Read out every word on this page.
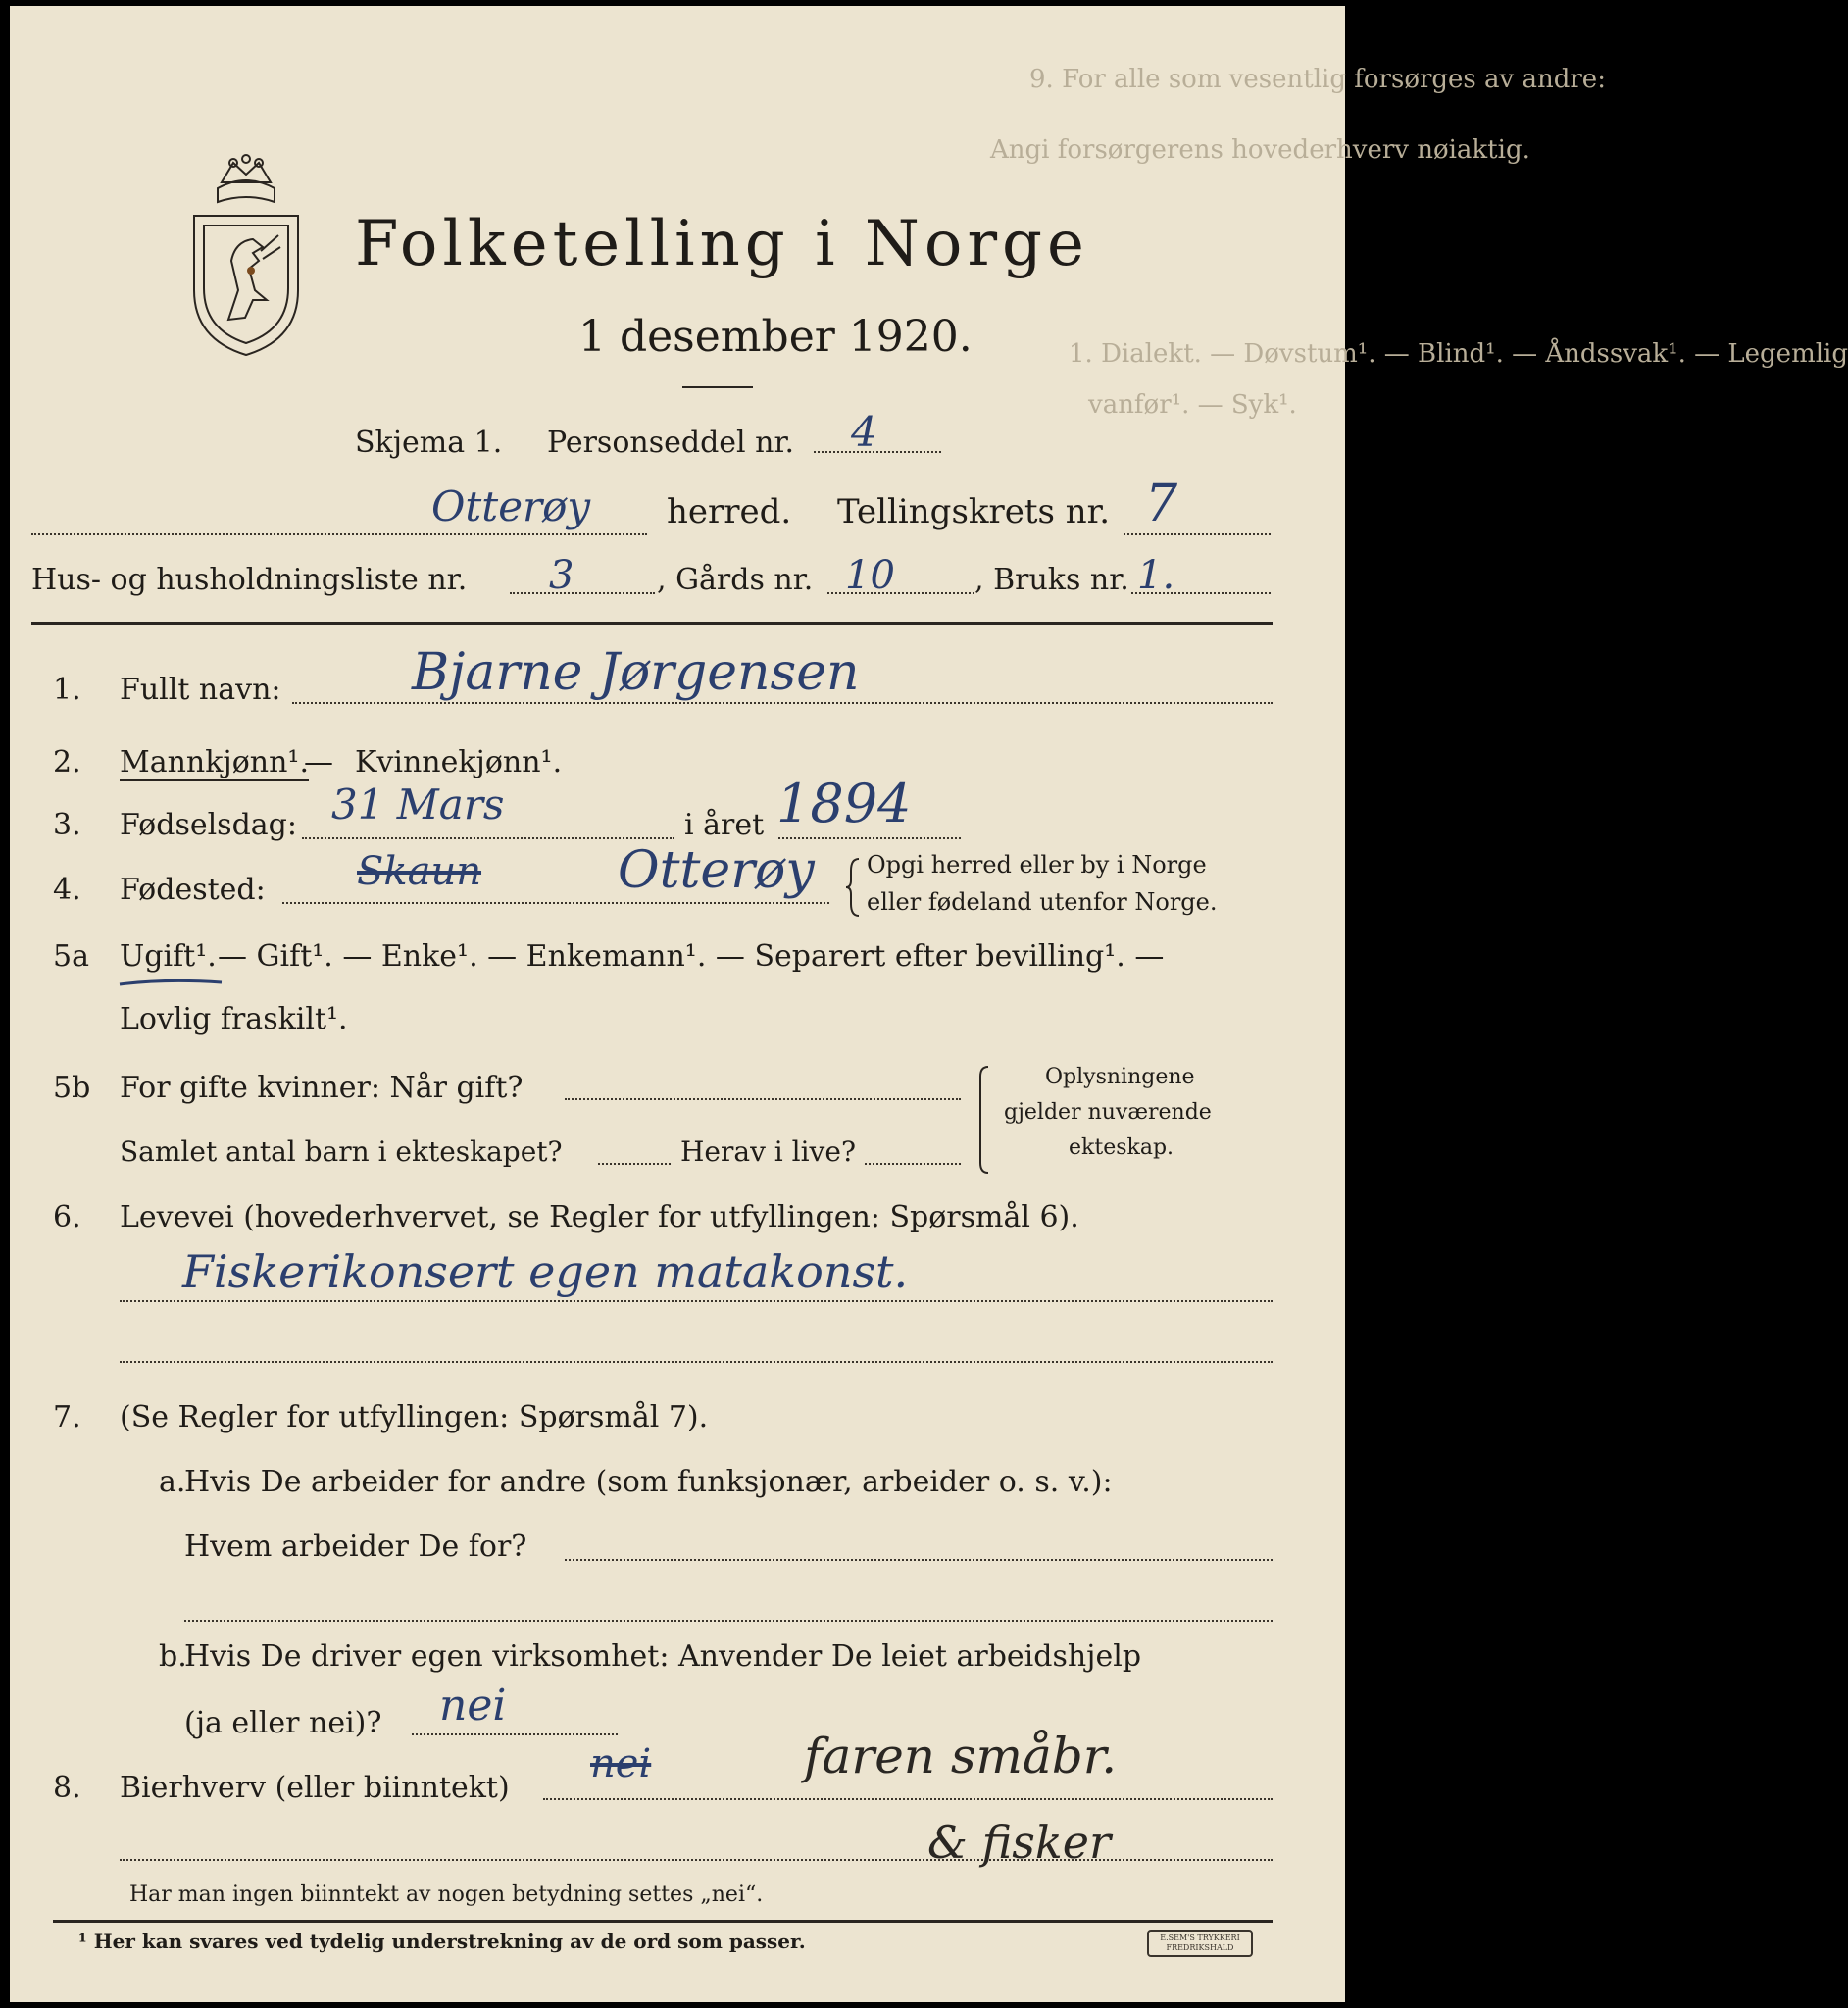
9. For alle som vesentlig forsørges av andre:
Angi forsørgerens hovederhverv nøiaktig.
1. Dialekt. — Døvstum¹. — Blind¹. — Åndssvak¹. — Legemlig
vanfør¹. — Syk¹.
Folketelling i Norge
1 desember 1920.
Skjema 1. Personseddel nr. 4
Otterøy herred. Tellingskrets nr. 7
Hus- og husholdningsliste nr. 3	, Gårds nr. 10	, Bruks nr. 1.
1. Fullt navn:	Bjarne Jørgensen
2. Mannkjønn¹.
— Kvinnekjønn¹.
3. Fødselsdag: 31 Mars	i året 1894
4. Fødested: Skaun	Otterøy Opgi herred eller by i Norge
eller fødeland utenfor Norge.
5a Ugift¹. — Gift¹. — Enke¹. — Enkemann¹. — Separert efter bevilling¹. —
Lovlig fraskilt¹.
5b For gifte kvinner: Når gift?
Samlet antal barn i ekteskapet?	Herav i live?
Oplysningene
gjelder nuværende
ekteskap.
6. Levevei (hovederhvervet, se Regler for utfyllingen: Spørsmål 6).
Fiskerikonsert egen matakonst.
7. (Se Regler for utfyllingen: Spørsmål 7).
a.
Hvis De arbeider for andre (som funksjonær, arbeider o. s. v.):
Hvem arbeider De for?
b.
Hvis De driver egen virksomhet: Anvender De leiet arbeidshjelp
(ja eller nei)? nei
8. Bierhverv (eller biinntekt)
nei	faren småbr.
& fisker
Har man ingen biinntekt av nogen betydning settes „nei“.
¹ Her kan svares ved tydelig understrekning av de ord som passer.	E.SEM'S TRYKKERI FREDRIKSHALD
